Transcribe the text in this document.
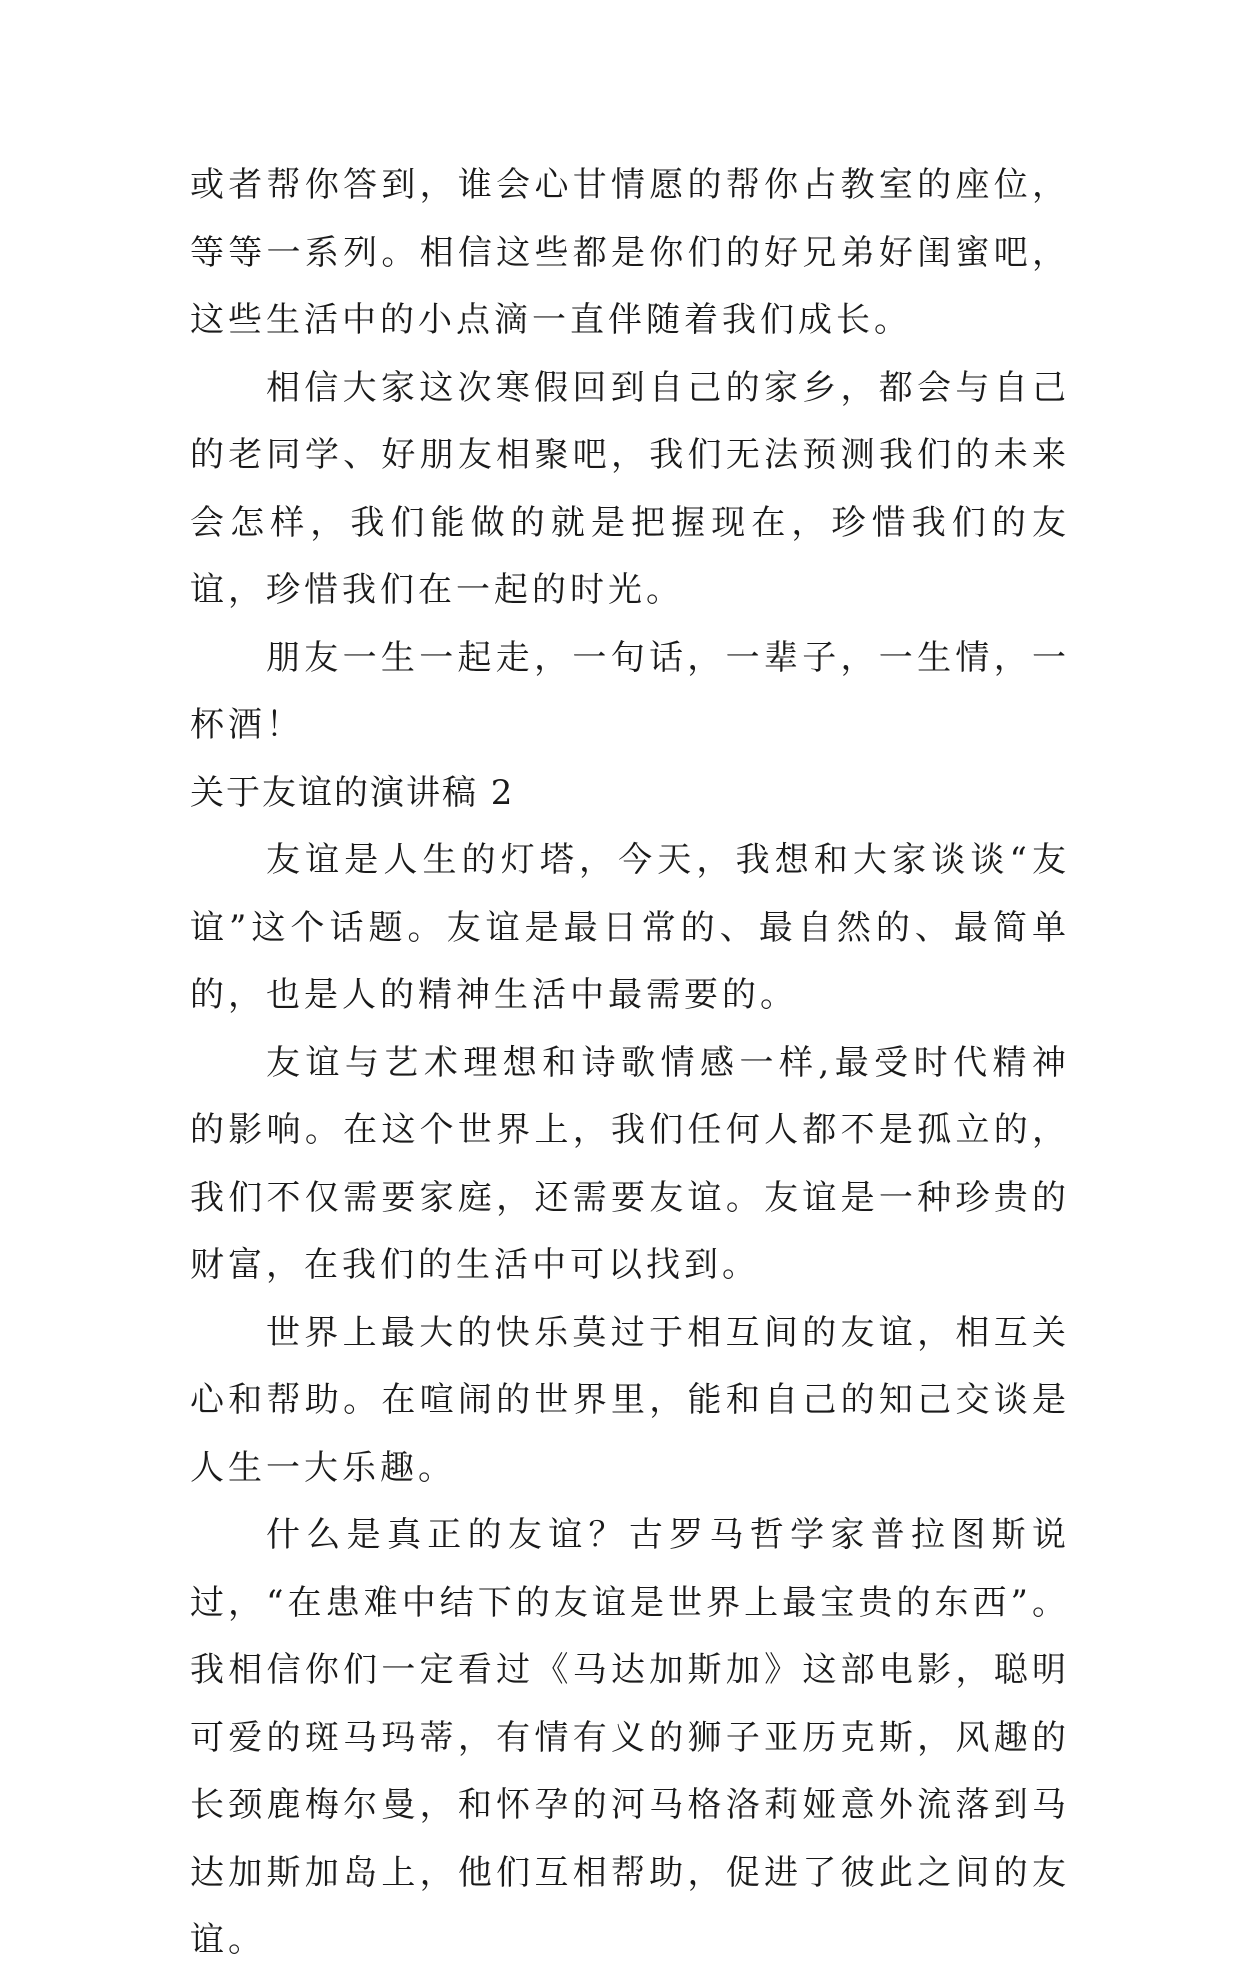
或者帮你答到，谁会心甘情愿的帮你占教室的座位，等等一系列。相信这些都是你们的好兄弟好闺蜜吧，这些生活中的小点滴一直伴随着我们成长。

相信大家这次寒假回到自己的家乡，都会与自己的老同学、好朋友相聚吧，我们无法预测我们的未来会怎样，我们能做的就是把握现在，珍惜我们的友谊，珍惜我们在一起的时光。

朋友一生一起走，一句话，一辈子，一生情，一杯酒！

关于友谊的演讲稿 2

友谊是人生的灯塔，今天，我想和大家谈谈“友谊”这个话题。友谊是最日常的、最自然的、最简单的，也是人的精神生活中最需要的。

友谊与艺术理想和诗歌情感一样,最受时代精神的影响。在这个世界上，我们任何人都不是孤立的，我们不仅需要家庭，还需要友谊。友谊是一种珍贵的财富，在我们的生活中可以找到。

世界上最大的快乐莫过于相互间的友谊，相互关心和帮助。在喧闹的世界里，能和自己的知己交谈是人生一大乐趣。

什么是真正的友谊？古罗马哲学家普拉图斯说过，“在患难中结下的友谊是世界上最宝贵的东西”。我相信你们一定看过《马达加斯加》这部电影，聪明可爱的斑马玛蒂，有情有义的狮子亚历克斯，风趣的长颈鹿梅尔曼，和怀孕的河马格洛莉娅意外流落到马达加斯加岛上，他们互相帮助，促进了彼此之间的友谊。
